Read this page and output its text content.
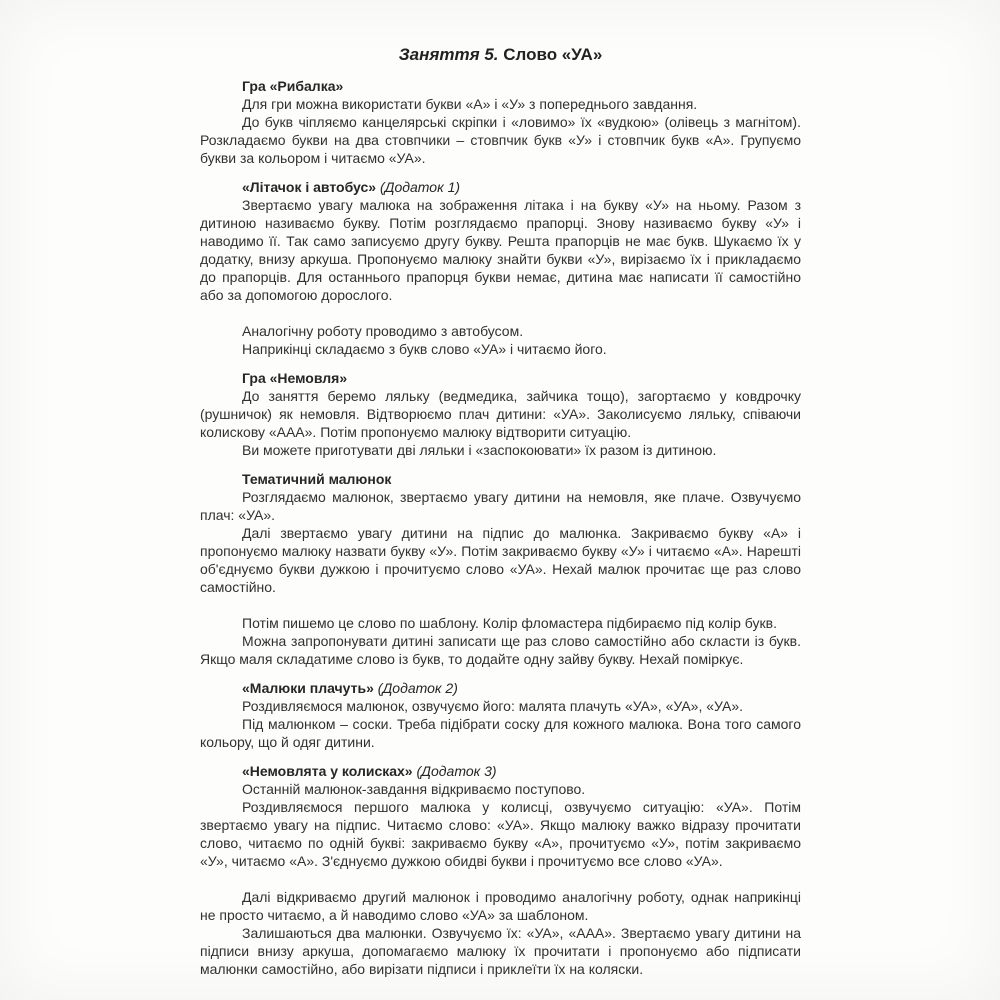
Заняття 5. Слово «УА»
Гра «Рибалка»

Для гри можна використати букви «А» і «У» з попереднього завдання.

До букв чіпляємо канцелярські скріпки і «ловимо» їх «вудкою» (олівець з магнітом). Розкладаємо букви на два стовпчики – стовпчик букв «У» і стовпчик букв «А». Групуємо букви за кольором і читаємо «УА».

«Літачок і автобус» (Додаток 1)

Звертаємо увагу малюка на зображення літака і на букву «У» на ньому. Разом з дитиною називаємо букву. Потім розглядаємо прапорці. Знову називаємо букву «У» і наводимо її. Так само записуємо другу букву. Решта прапорців не має букв. Шукаємо їх у додатку, внизу аркуша. Пропонуємо малюку знайти букви «У», вирізаємо їх і прикладаємо до прапорців. Для останнього прапорця букви немає, дитина має написати її самостійно або за допомогою дорослого.

Аналогічну роботу проводимо з автобусом.

Наприкінці складаємо з букв слово «УА» і читаємо його.

Гра «Немовля»

До заняття беремо ляльку (ведмедика, зайчика тощо), загортаємо у ковдрочку (рушничок) як немовля. Відтворюємо плач дитини: «УА». Заколисуємо ляльку, співаючи колискову «ААА». Потім пропонуємо малюку відтворити ситуацію.

Ви можете приготувати дві ляльки і «заспокоювати» їх разом із дитиною.

Тематичний малюнок

Розглядаємо малюнок, звертаємо увагу дитини на немовля, яке плаче. Озвучуємо плач: «УА».

Далі звертаємо увагу дитини на підпис до малюнка. Закриваємо букву «А» і пропонуємо малюку назвати букву «У». Потім закриваємо букву «У» і читаємо «А». Нарешті об'єднуємо букви дужкою і прочитуємо слово «УА». Нехай малюк прочитає ще раз слово самостійно.

Потім пишемо це слово по шаблону. Колір фломастера підбираємо під колір букв.

Можна запропонувати дитині записати ще раз слово самостійно або скласти із букв. Якщо маля складатиме слово із букв, то додайте одну зайву букву. Нехай поміркує.

«Малюки плачуть» (Додаток 2)

Роздивляємося малюнок, озвучуємо його: малята плачуть «УА», «УА», «УА».

Під малюнком – соски. Треба підібрати соску для кожного малюка. Вона того самого кольору, що й одяг дитини.

«Немовлята у колисках» (Додаток 3)

Останній малюнок-завдання відкриваємо поступово.

Роздивляємося першого малюка у колисці, озвучуємо ситуацію: «УА». Потім звертаємо увагу на підпис. Читаємо слово: «УА». Якщо малюку важко відразу прочитати слово, читаємо по одній букві: закриваємо букву «А», прочитуємо «У», потім закриваємо «У», читаємо «А». З'єднуємо дужкою обидві букви і прочитуємо все слово «УА».

Далі відкриваємо другий малюнок і проводимо аналогічну роботу, однак наприкінці не просто читаємо, а й наводимо слово «УА» за шаблоном.

Залишаються два малюнки. Озвучуємо їх: «УА», «ААА». Звертаємо увагу дитини на підписи внизу аркуша, допомагаємо малюку їх прочитати і пропонуємо або підписати малюнки самостійно, або вирізати підписи і приклеїти їх на коляски.
